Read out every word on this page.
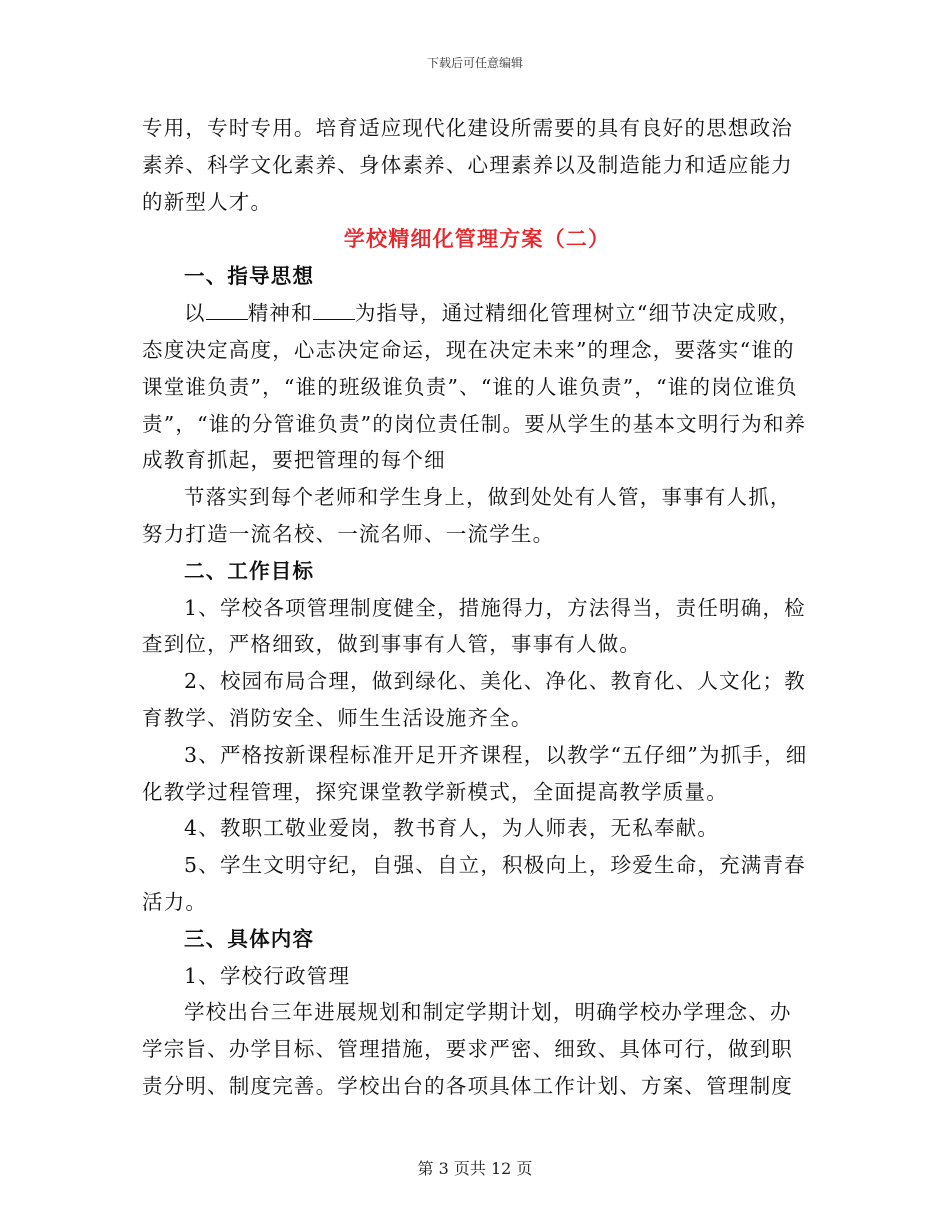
下载后可任意编辑

专用，专时专用。培育适应现代化建设所需要的具有良好的思想政治素养、科学文化素养、身体素养、心理素养以及制造能力和适应能力的新型人才。

学校精细化管理方案（二）

一、指导思想

以 精神和 为指导，通过精细化管理树立“细节决定成败，态度决定高度，心志决定命运，现在决定未来”的理念，要落实“谁的课堂谁负责”，“谁的班级谁负责”、“谁的人谁负责”，“谁的岗位谁负责”，“谁的分管谁负责”的岗位责任制。要从学生的基本文明行为和养成教育抓起，要把管理的每个细

节落实到每个老师和学生身上，做到处处有人管，事事有人抓，努力打造一流名校、一流名师、一流学生。

二、工作目标

1、学校各项管理制度健全，措施得力，方法得当，责任明确，检查到位，严格细致，做到事事有人管，事事有人做。

2、校园布局合理，做到绿化、美化、净化、教育化、人文化；教育教学、消防安全、师生生活设施齐全。

3、严格按新课程标准开足开齐课程，以教学“五仔细”为抓手，细化教学过程管理，探究课堂教学新模式，全面提高教学质量。

4、教职工敬业爱岗，教书育人，为人师表，无私奉献。

5、学生文明守纪，自强、自立，积极向上，珍爱生命，充满青春活力。

三、具体内容

1、学校行政管理

学校出台三年进展规划和制定学期计划，明确学校办学理念、办学宗旨、办学目标、管理措施，要求严密、细致、具体可行，做到职责分明、制度完善。学校出台的各项具体工作计划、方案、管理制度

第 3 页共 12 页
